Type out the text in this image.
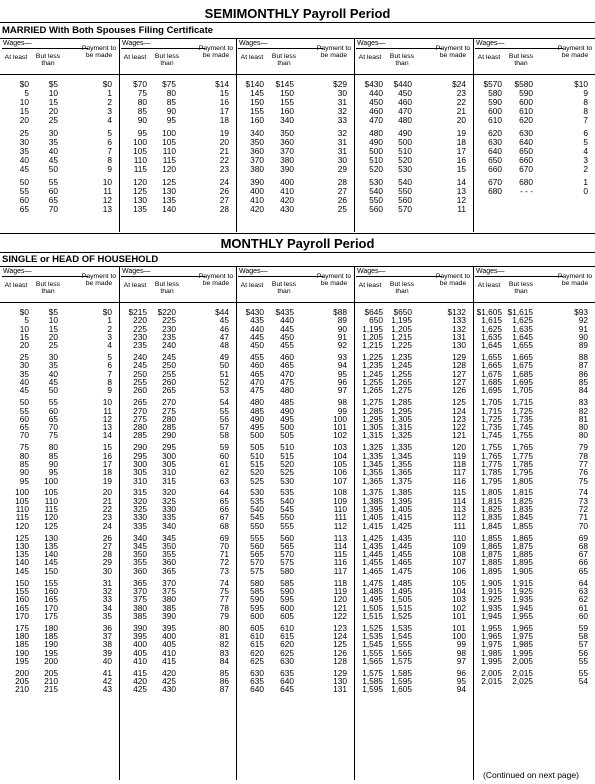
SEMIMONTHLY Payroll Period
MARRIED With Both Spouses Filing Certificate
Wages—
At least	But less than
Payment to be made
$0	$5	$0
5	10	1
10	15	2
15	20	3
20	25	4
25	30	5
30	35	6
35	40	7
40	45	8
45	50	9
50	55	10
55	60	11
60	65	12
65	70	13
Wages—
At least	But less than
Payment to be made
$70	$75	$14
75	80	15
80	85	16
85	90	17
90	95	18
95	100	19
100	105	20
105	110	21
110	115	22
115	120	23
120	125	24
125	130	26
130	135	27
135	140	28
Wages—
At least	But less than
Payment to be made
$140	$145	$29
145	150	30
150	155	31
155	160	32
160	340	33
340	350	32
350	360	31
360	370	31
370	380	30
380	390	29
390	400	28
400	410	27
410	420	26
420	430	25
Wages—
At least	But less than
Payment to be made
$430	$440	$24
440	450	23
450	460	22
460	470	21
470	480	20
480	490	19
490	500	18
500	510	17
510	520	16
520	530	15
530	540	14
540	550	13
550	560	12
560	570	11
Wages—
At least	But less than
Payment to be made
$570	$580	$10
580	590	9
590	600	8
600	610	8
610	620	7
620	630	6
630	640	5
640	650	4
650	660	3
660	670	2
670	680	1
680	- - -	0
MONTHLY Payroll Period
SINGLE or HEAD OF HOUSEHOLD
Wages—
At least	But less than
Payment to be made
$0	$5	$0
5	10	1
10	15	2
15	20	3
20	25	4
25	30	5
30	35	6
35	40	7
40	45	8
45	50	9
50	55	10
55	60	11
60	65	12
65	70	13
70	75	14
75	80	15
80	85	16
85	90	17
90	95	18
95	100	19
100	105	20
105	110	21
110	115	22
115	120	23
120	125	24
125	130	26
130	135	27
135	140	28
140	145	29
145	150	30
150	155	31
155	160	32
160	165	33
165	170	34
170	175	35
175	180	36
180	185	37
185	190	38
190	195	39
195	200	40
200	205	41
205	210	42
210	215	43
Wages—
At least	But less than
Payment to be made
$215	$220	$44
220	225	45
225	230	46
230	235	47
235	240	48
240	245	49
245	250	50
250	255	51
255	260	52
260	265	53
265	270	54
270	275	55
275	280	56
280	285	57
285	290	58
290	295	59
295	300	60
300	305	61
305	310	62
310	315	63
315	320	64
320	325	65
325	330	66
330	335	67
335	340	68
340	345	69
345	350	70
350	355	71
355	360	72
360	365	73
365	370	74
370	375	75
375	380	77
380	385	78
385	390	79
390	395	80
395	400	81
400	405	82
405	410	83
410	415	84
415	420	85
420	425	86
425	430	87
Wages—
At least	But less than
Payment to be made
$430	$435	$88
435	440	89
440	445	90
445	450	91
450	455	92
455	460	93
460	465	94
465	470	95
470	475	96
475	480	97
480	485	98
485	490	99
490	495	100
495	500	101
500	505	102
505	510	103
510	515	104
515	520	105
520	525	106
525	530	107
530	535	108
535	540	109
540	545	110
545	550	111
550	555	112
555	560	113
560	565	114
565	570	115
570	575	116
575	580	117
580	585	118
585	590	119
590	595	120
595	600	121
600	605	122
605	610	123
610	615	124
615	620	125
620	625	126
625	630	128
630	635	129
635	640	130
640	645	131
Wages—
At least	But less than
Payment to be made
$645	$650	$132
650 1,195	133
1,195 1,205	132
1,205 1,215	131
1,215 1,225	130
1,225 1,235	129
1,235 1,245	128
1,245 1,255	127
1,255 1,265	127
1,265 1,275	126
1,275 1,285	125
1,285 1,295	124
1,295 1,305	123
1,305 1,315	122
1,315 1,325	121
1,325 1,335	120
1,335 1,345	119
1,345 1,355	118
1,355 1,365	117
1,365 1,375	116
1,375 1,385	115
1,385 1,395	114
1,395 1,405	113
1,405 1,415	112
1,415 1,425	111
1,425 1,435	110
1,435 1,445	109
1,445 1,455	108
1,455 1,465	107
1,465 1,475	106
1,475 1,485	105
1,485 1,495	104
1,495 1,505	103
1,505 1,515	102
1,515 1,525	101
1,525 1,535	101
1,535 1,545	100
1,545 1,555	99
1,555 1,565	98
1,565 1,575	97
1,575 1,585	96
1,585 1,595	95
1,595 1,605	94
Wages—
At least	But less than
Payment to be made
$1,605 $1,615	$93
1,615	1,625	92
1,625	1,635	91
1,635	1,645	90
1,645	1,655	89
1,655	1,665	88
1,665	1,675	87
1,675	1,685	86
1,685	1,695	85
1,695	1,705	84
1,705	1,715	83
1,715	1,725	82
1,725	1,735	81
1,735	1,745	80
1,745	1,755	80
1,755	1,765	79
1,765	1,775	78
1,775	1,785	77
1,785	1,795	76
1,795	1,805	75
1,805	1,815	74
1,815	1,825	73
1,825	1,835	72
1,835	1,845	71
1,845	1,855	70
1,855	1,865	69
1,865	1,875	68
1,875	1,885	67
1,885	1,895	66
1,895	1,905	65
1,905	1,915	64
1,915	1,925	63
1,925	1,935	62
1,935	1,945	61
1,945	1,955	60
1,955	1,965	59
1,965	1,975	58
1,975	1,985	57
1,985	1,995	56
1,995	2,005	55
2,005	2,015	55
2,015	2,025	54
(Continued on next page)
